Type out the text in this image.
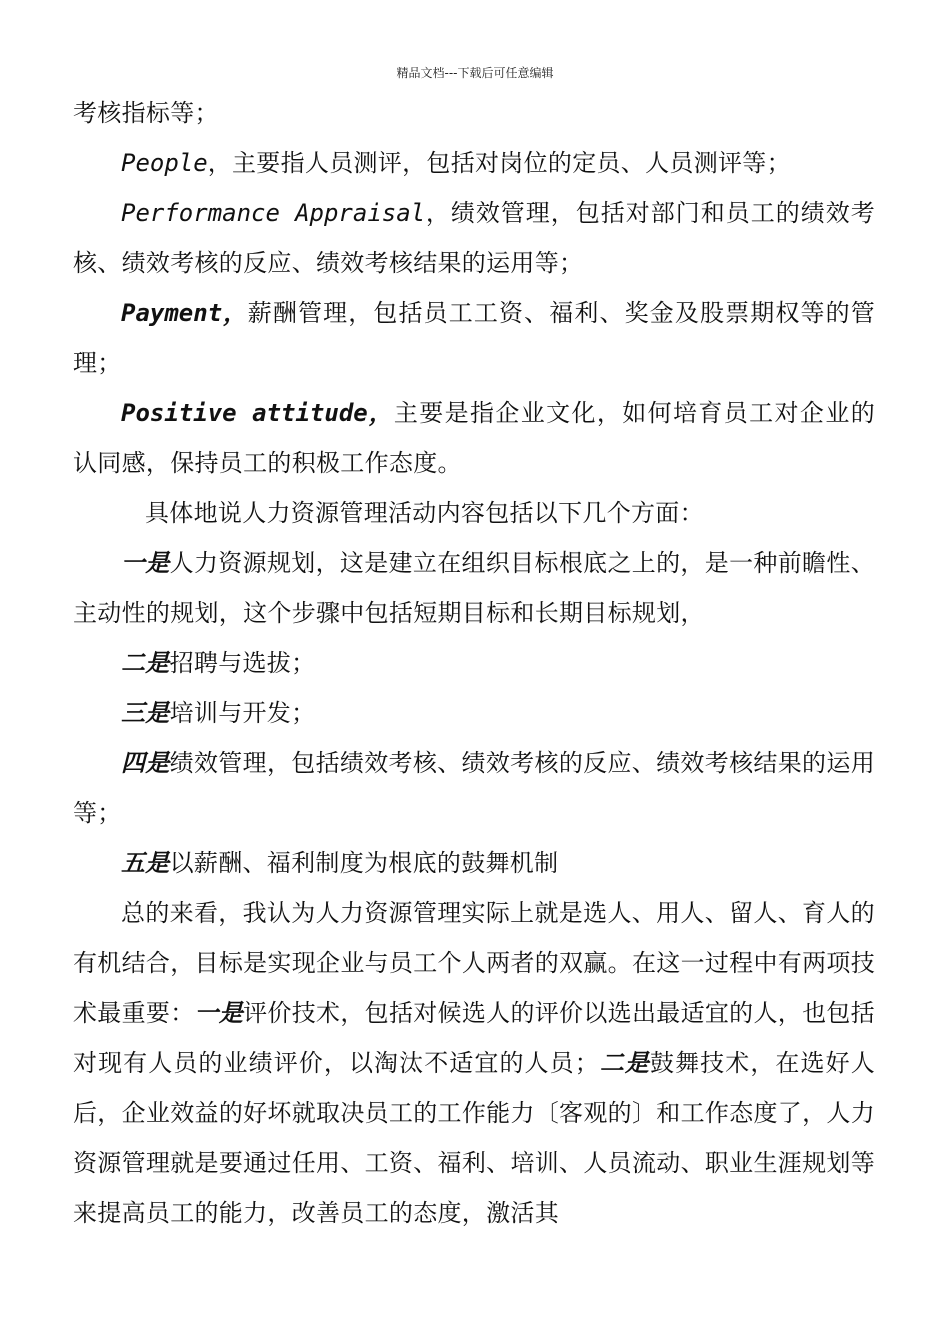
精品文档---下载后可任意编辑

考核指标等；

People，主要指人员测评，包括对岗位的定员、人员测评等；

Performance Appraisal，绩效管理，包括对部门和员工的绩效考核、绩效考核的反应、绩效考核结果的运用等；

Payment，薪酬管理，包括员工工资、福利、奖金及股票期权等的管理；

Positive attitude，主要是指企业文化，如何培育员工对企业的认同感，保持员工的积极工作态度。

具体地说人力资源管理活动内容包括以下几个方面：

一是人力资源规划，这是建立在组织目标根底之上的，是一种前瞻性、主动性的规划，这个步骤中包括短期目标和长期目标规划，

二是招聘与选拔；

三是培训与开发；

四是绩效管理，包括绩效考核、绩效考核的反应、绩效考核结果的运用等；

五是以薪酬、福利制度为根底的鼓舞机制

总的来看，我认为人力资源管理实际上就是选人、用人、留人、育人的有机结合，目标是实现企业与员工个人两者的双赢。在这一过程中有两项技术最重要：一是评价技术，包括对候选人的评价以选出最适宜的人，也包括对现有人员的业绩评价，以淘汰不适宜的人员；二是鼓舞技术，在选好人后，企业效益的好坏就取决员工的工作能力〔客观的〕和工作态度了，人力资源管理就是要通过任用、工资、福利、培训、人员流动、职业生涯规划等来提高员工的能力，改善员工的态度，激活其
